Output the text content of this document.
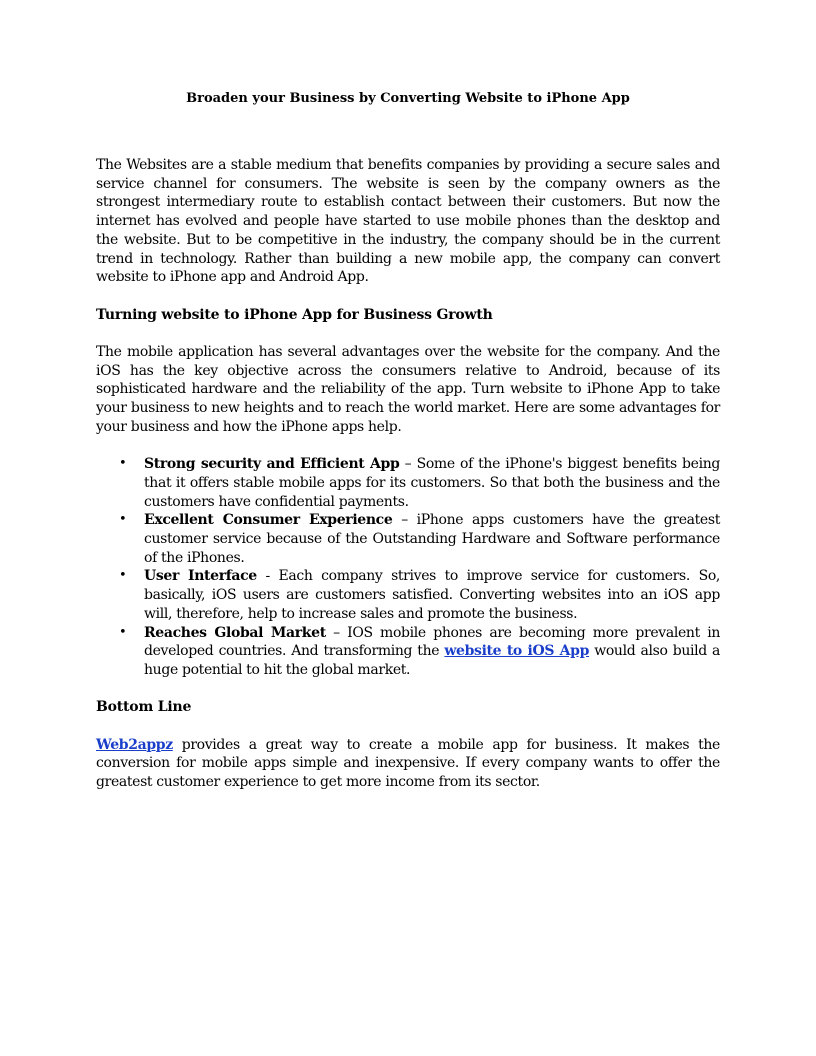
Broaden your Business by Converting Website to iPhone App

The Websites are a stable medium that benefits companies by providing a secure sales and service channel for consumers. The website is seen by the company owners as the strongest intermediary route to establish contact between their customers. But now the internet has evolved and people have started to use mobile phones than the desktop and the website. But to be competitive in the industry, the company should be in the current trend in technology. Rather than building a new mobile app, the company can convert website to iPhone app and Android App.

Turning website to iPhone App for Business Growth

The mobile application has several advantages over the website for the company. And the iOS has the key objective across the consumers relative to Android, because of its sophisticated hardware and the reliability of the app. Turn website to iPhone App to take your business to new heights and to reach the world market. Here are some advantages for your business and how the iPhone apps help.

• Strong security and Efficient App – Some of the iPhone's biggest benefits being that it offers stable mobile apps for its customers. So that both the business and the customers have confidential payments.
• Excellent Consumer Experience – iPhone apps customers have the greatest customer service because of the Outstanding Hardware and Software performance of the iPhones.
• User Interface - Each company strives to improve service for customers. So, basically, iOS users are customers satisfied. Converting websites into an iOS app will, therefore, help to increase sales and promote the business.
• Reaches Global Market – IOS mobile phones are becoming more prevalent in developed countries. And transforming the website to iOS App would also build a huge potential to hit the global market.
Bottom Line

Web2appz provides a great way to create a mobile app for business. It makes the conversion for mobile apps simple and inexpensive. If every company wants to offer the greatest customer experience to get more income from its sector.
